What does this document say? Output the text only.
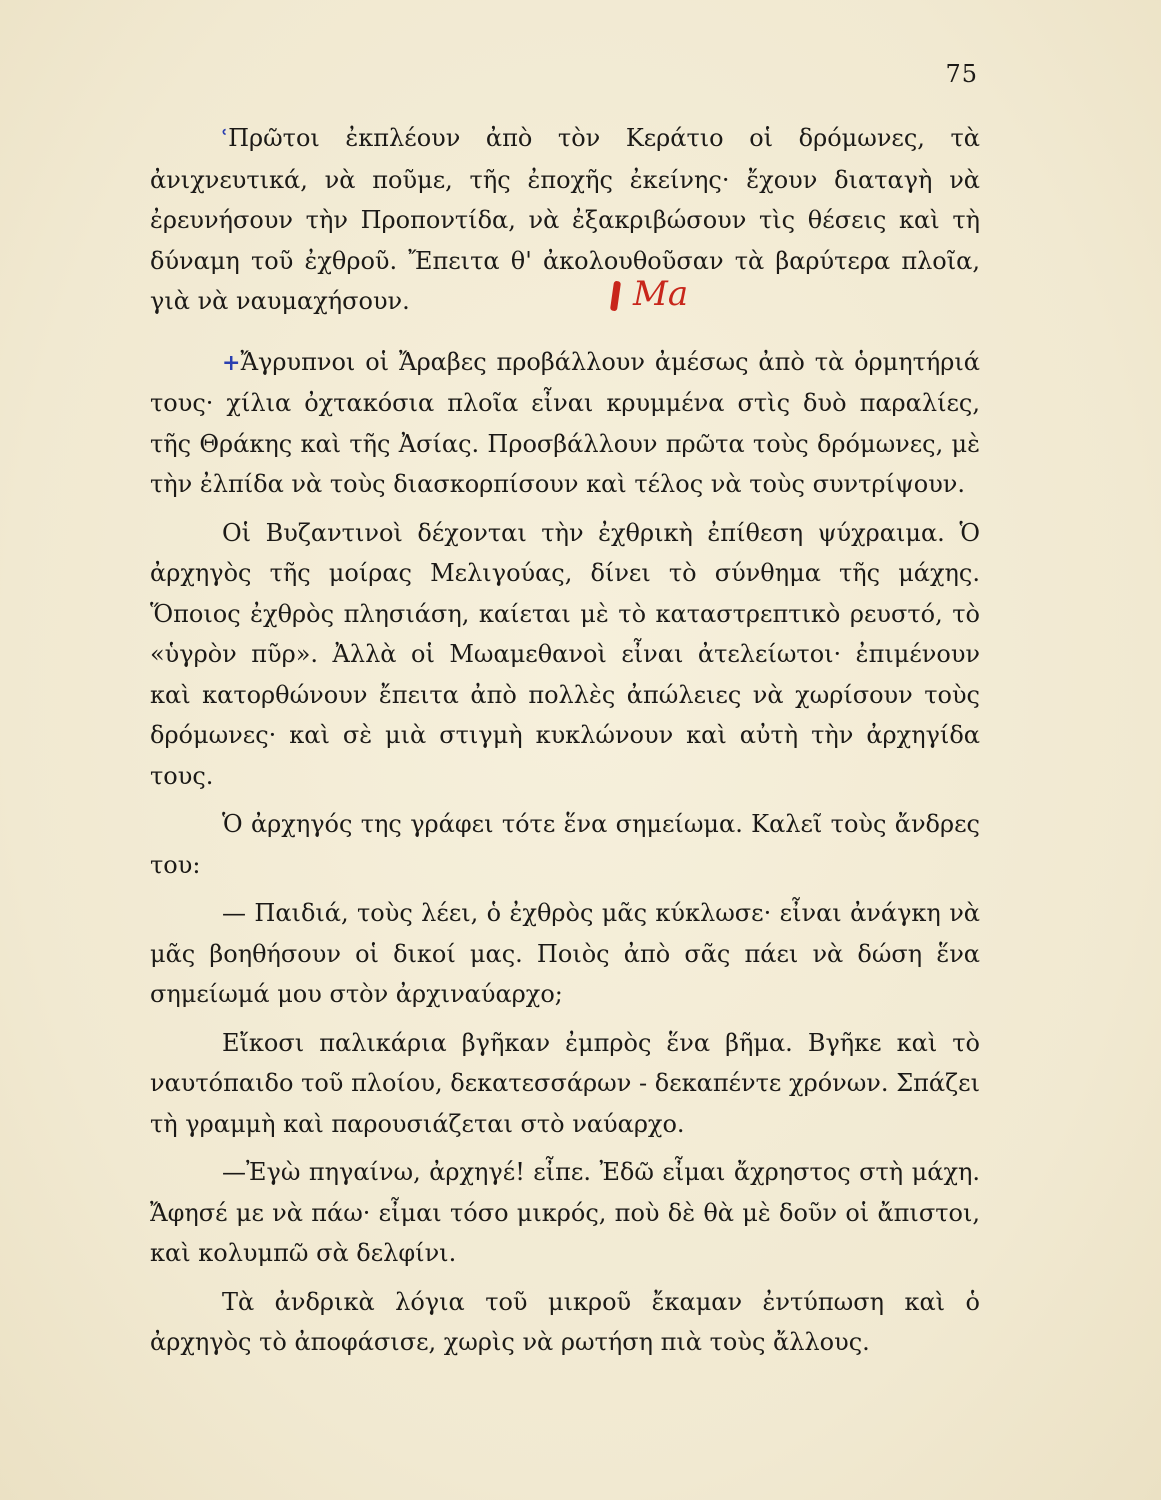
75
Ma

ʿΠρῶτοι ἐκπλέουν ἀπὸ τὸν Κεράτιο οἱ δρόμωνες, τὰ ἀνιχνευτικά, νὰ ποῦμε, τῆς ἐποχῆς ἐκείνης· ἔχουν διαταγὴ νὰ ἐρευνήσουν τὴν Προποντίδα, νὰ ἐξακριβώσουν τὶς θέσεις καὶ τὴ δύναμη τοῦ ἐχθροῦ. Ἔπειτα θ' ἀκολουθοῦσαν τὰ βαρύτερα πλοῖα, γιὰ νὰ ναυμαχήσουν.

+Ἄγρυπνοι οἱ Ἄραβες προβάλλουν ἀμέσως ἀπὸ τὰ ὁρμητήριά τους· χίλια ὀχτακόσια πλοῖα εἶναι κρυμμένα στὶς δυὸ παραλίες, τῆς Θράκης καὶ τῆς Ἀσίας. Προσβάλλουν πρῶτα τοὺς δρόμωνες, μὲ τὴν ἐλπίδα νὰ τοὺς διασκορπίσουν καὶ τέλος νὰ τοὺς συντρίψουν.

Οἱ Βυζαντινοὶ δέχονται τὴν ἐχθρικὴ ἐπίθεση ψύχραιμα. Ὁ ἀρχηγὸς τῆς μοίρας Μελιγούας, δίνει τὸ σύνθημα τῆς μάχης. Ὅποιος ἐχθρὸς πλησιάση, καίεται μὲ τὸ καταστρεπτικὸ ρευστό, τὸ «ὑγρὸν πῦρ». Ἀλλὰ οἱ Μωαμεθανοὶ εἶναι ἀτελείωτοι· ἐπιμένουν καὶ κατορθώνουν ἔπειτα ἀπὸ πολλὲς ἀπώλειες νὰ χωρίσουν τοὺς δρόμωνες· καὶ σὲ μιὰ στιγμὴ κυκλώνουν καὶ αὐτὴ τὴν ἀρχηγίδα τους.

Ὁ ἀρχηγός της γράφει τότε ἕνα σημείωμα. Καλεῖ τοὺς ἄνδρες του:

— Παιδιά, τοὺς λέει, ὁ ἐχθρὸς μᾶς κύκλωσε· εἶναι ἀνάγκη νὰ μᾶς βοηθήσουν οἱ δικοί μας. Ποιὸς ἀπὸ σᾶς πάει νὰ δώση ἕνα σημείωμά μου στὸν ἀρχιναύαρχο;

Εἴκοσι παλικάρια βγῆκαν ἐμπρὸς ἕνα βῆμα. Βγῆκε καὶ τὸ ναυτόπαιδο τοῦ πλοίου, δεκατεσσάρων - δεκαπέντε χρόνων. Σπάζει τὴ γραμμὴ καὶ παρουσιάζεται στὸ ναύαρχο.

—Ἐγὼ πηγαίνω, ἀρχηγέ! εἶπε. Ἐδῶ εἶμαι ἄχρηστος στὴ μάχη. Ἄφησέ με νὰ πάω· εἶμαι τόσο μικρός, ποὺ δὲ θὰ μὲ δοῦν οἱ ἄπιστοι, καὶ κολυμπῶ σὰ δελφίνι.

Τὰ ἀνδρικὰ λόγια τοῦ μικροῦ ἔκαμαν ἐντύπωση καὶ ὁ ἀρχηγὸς τὸ ἀποφάσισε, χωρὶς νὰ ρωτήση πιὰ τοὺς ἄλλους.
